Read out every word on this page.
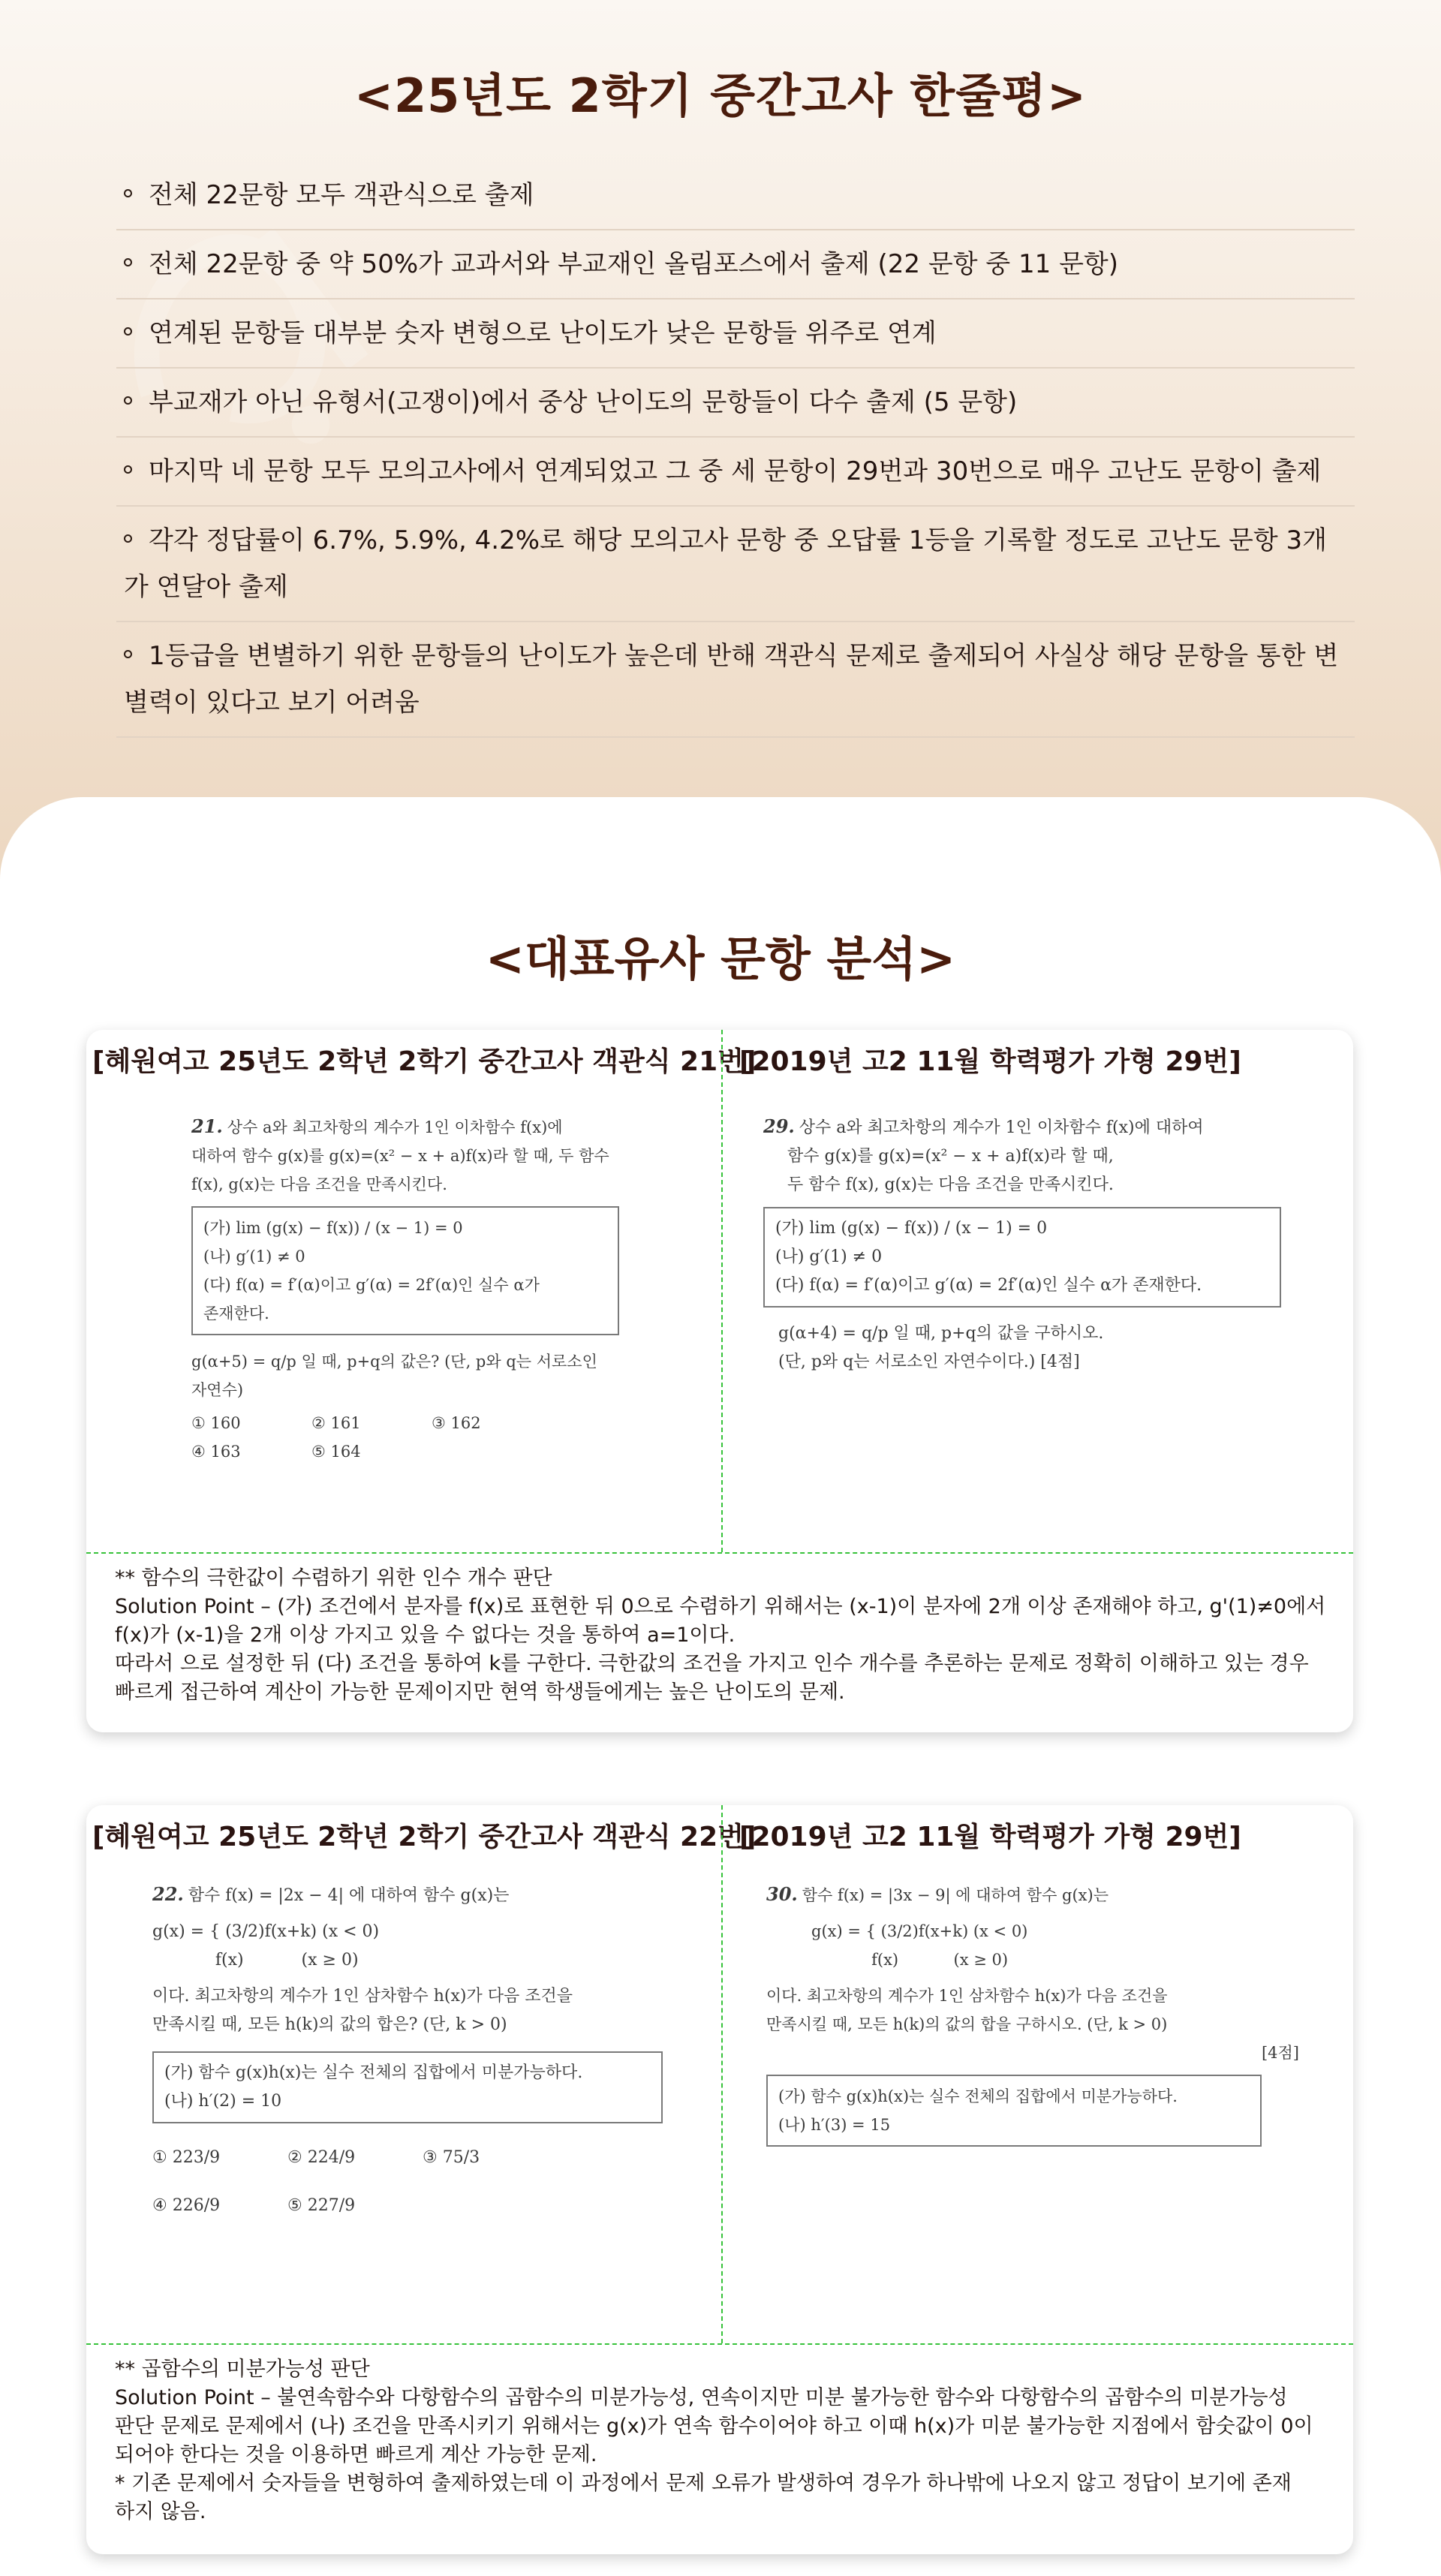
<25년도 2학기 중간고사 한줄평>
전체 22문항 모두 객관식으로 출제
전체 22문항 중 약 50%가 교과서와 부교재인 올림포스에서 출제 (22 문항 중 11 문항)
연계된 문항들 대부분 숫자 변형으로 난이도가 낮은 문항들 위주로 연계
부교재가 아닌 유형서(고쟁이)에서 중상 난이도의 문항들이 다수 출제 (5 문항)
마지막 네 문항 모두 모의고사에서 연계되었고 그 중 세 문항이 29번과 30번으로 매우 고난도 문항이 출제
각각 정답률이 6.7%, 5.9%, 4.2%로 해당 모의고사 문항 중 오답률 1등을 기록할 정도로 고난도 문항 3개가 연달아 출제
1등급을 변별하기 위한 문항들의 난이도가 높은데 반해 객관식 문제로 출제되어 사실상 해당 문항을 통한 변별력이 있다고 보기 어려움
<대표유사 문항 분석>
[혜원여고 25년도 2학년 2학기 중간고사 객관식 21번]
[2019년 고2 11월 학력평가 가형 29번]
21. 상수 a와 최고차항의 계수가 1인 이차함수 f(x)에
대하여 함수 g(x)를 g(x)=(x² − x + a)f(x)라 할 때, 두 함수
f(x), g(x)는 다음 조건을 만족시킨다.
(가) lim (g(x) − f(x)) / (x − 1) = 0
(나) g′(1) ≠ 0
(다) f(α) = f′(α)이고 g′(α) = 2f′(α)인 실수 α가
존재한다.
g(α+5) = q/p 일 때, p+q의 값은? (단, p와 q는 서로소인
자연수)
① 160	② 161	③ 162
④ 163	⑤ 164
29. 상수 a와 최고차항의 계수가 1인 이차함수 f(x)에 대하여
함수 g(x)를 g(x)=(x² − x + a)f(x)라 할 때,
두 함수 f(x), g(x)는 다음 조건을 만족시킨다.
(가) lim (g(x) − f(x)) / (x − 1) = 0
(나) g′(1) ≠ 0
(다) f(α) = f′(α)이고 g′(α) = 2f′(α)인 실수 α가 존재한다.
g(α+4) = q/p 일 때, p+q의 값을 구하시오.
(단, p와 q는 서로소인 자연수이다.) [4점]

** 함수의 극한값이 수렴하기 위한 인수 개수 판단

Solution Point – (가) 조건에서 분자를 f(x)로 표현한 뒤 0으로 수렴하기 위해서는 (x-1)이 분자에 2개 이상 존재해야 하고, g'(1)≠0에서

f(x)가 (x-1)을 2개 이상 가지고 있을 수 없다는 것을 통하여 a=1이다.

따라서 으로 설정한 뒤 (다) 조건을 통하여 k를 구한다. 극한값의 조건을 가지고 인수 개수를 추론하는 문제로 정확히 이해하고 있는 경우

빠르게 접근하여 계산이 가능한 문제이지만 현역 학생들에게는 높은 난이도의 문제.

[혜원여고 25년도 2학년 2학기 중간고사 객관식 22번]
[2019년 고2 11월 학력평가 가형 29번]
22. 함수 f(x) = |2x − 4| 에 대하여 함수 g(x)는
g(x) = { (3/2)f(x+k) (x < 0)
f(x)           (x ≥ 0)
이다. 최고차항의 계수가 1인 삼차함수 h(x)가 다음 조건을
만족시킬 때, 모든 h(k)의 값의 합은? (단, k > 0)
(가) 함수 g(x)h(x)는 실수 전체의 집합에서 미분가능하다.
(나) h′(2) = 10
① 223/9	② 224/9	③ 75/3
④ 226/9	⑤ 227/9
30. 함수 f(x) = |3x − 9| 에 대하여 함수 g(x)는
g(x) = { (3/2)f(x+k) (x < 0)
f(x)           (x ≥ 0)
이다. 최고차항의 계수가 1인 삼차함수 h(x)가 다음 조건을
만족시킬 때, 모든 h(k)의 값의 합을 구하시오. (단, k > 0)
[4점]
(가) 함수 g(x)h(x)는 실수 전체의 집합에서 미분가능하다.
(나) h′(3) = 15

** 곱함수의 미분가능성 판단

Solution Point – 불연속함수와 다항함수의 곱함수의 미분가능성, 연속이지만 미분 불가능한 함수와 다항함수의 곱함수의 미분가능성

판단 문제로 문제에서 (나) 조건을 만족시키기 위해서는 g(x)가 연속 함수이어야 하고 이때 h(x)가 미분 불가능한 지점에서 함숫값이 0이

되어야 한다는 것을 이용하면 빠르게 계산 가능한 문제.

* 기존 문제에서 숫자들을 변형하여 출제하였는데 이 과정에서 문제 오류가 발생하여 경우가 하나밖에 나오지 않고 정답이 보기에 존재

하지 않음.
